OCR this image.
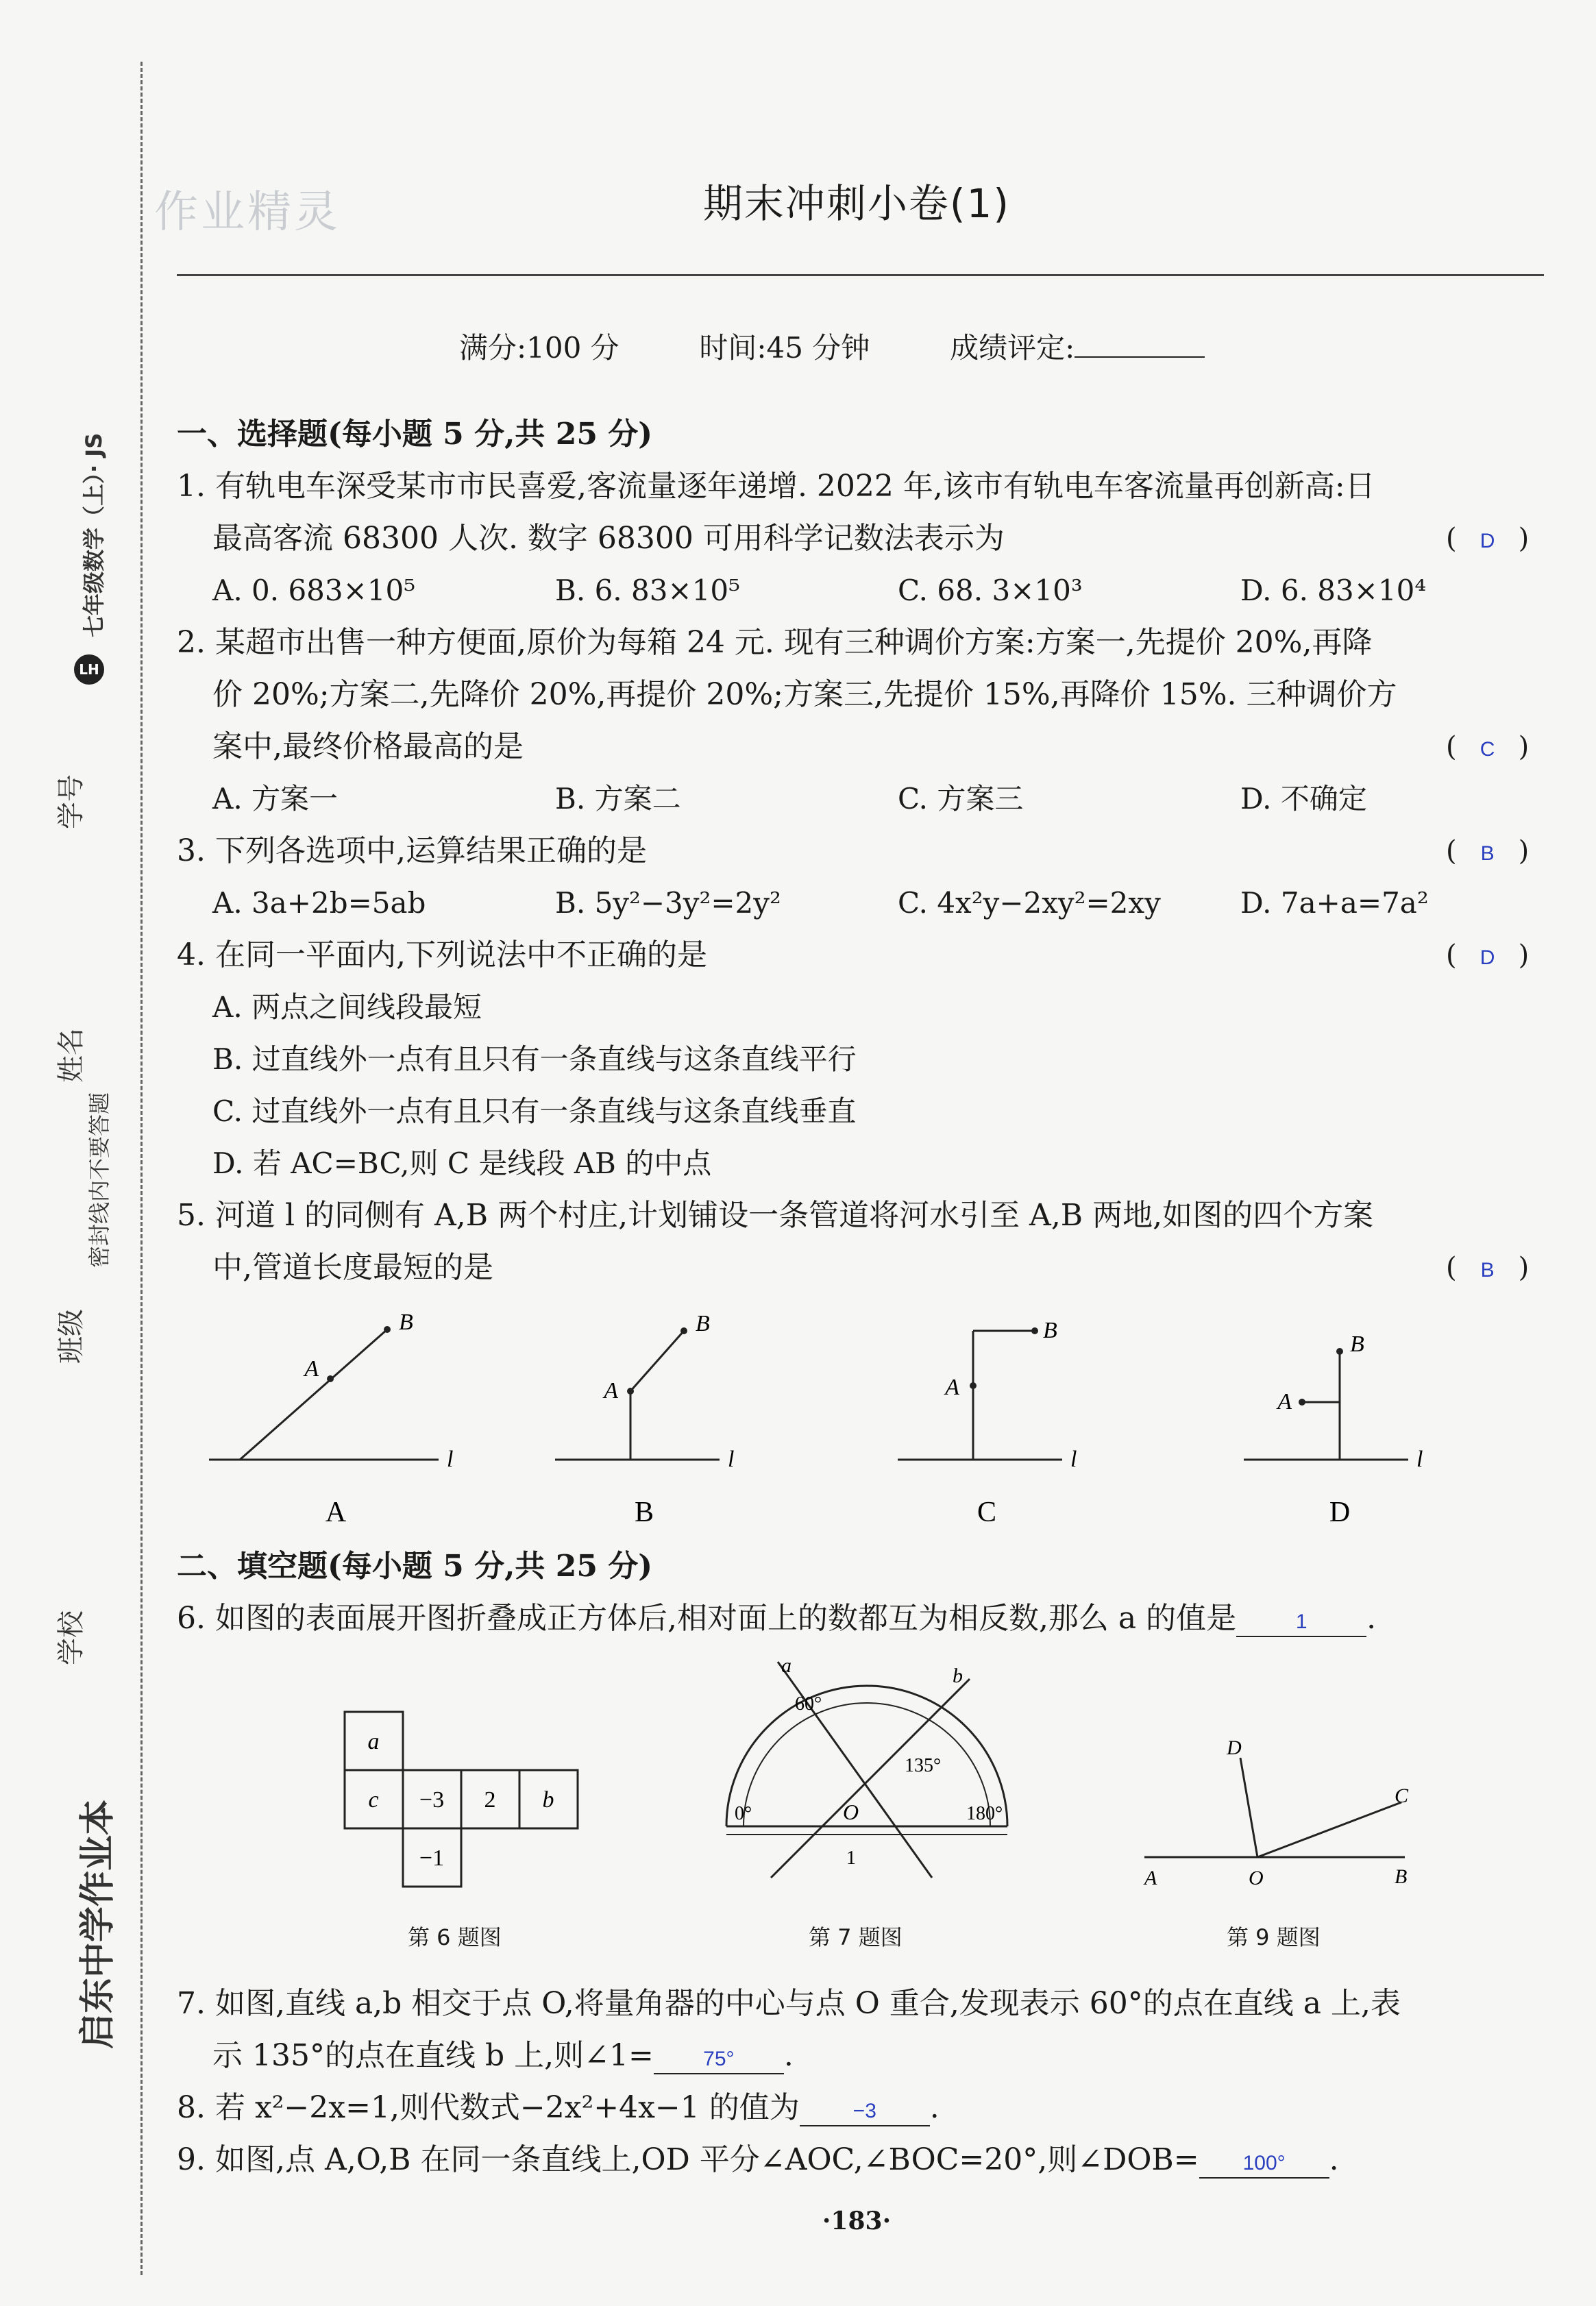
启东中学作业本
学校
班级
密封线内不要答题
姓名
学号
LH
七年级数学（上）· JS
作业精灵	期末冲刺小卷(1)
满分:100 分	时间:45 分钟	成绩评定:
一、选择题(每小题 5 分,共 25 分)
1. 有轨电车深受某市市民喜爱,客流量逐年递增. 2022 年,该市有轨电车客流量再创新高:日
最高客流 68300 人次. 数字 68300 可用科学记数法表示为	( D )
A. 0. 683×10⁵	B. 6. 83×10⁵	C. 68. 3×10³	D. 6. 83×10⁴
2. 某超市出售一种方便面,原价为每箱 24 元. 现有三种调价方案:方案一,先提价 20%,再降
价 20%;方案二,先降价 20%,再提价 20%;方案三,先提价 15%,再降价 15%. 三种调价方
案中,最终价格最高的是	( C )
A. 方案一	B. 方案二	C. 方案三	D. 不确定
3. 下列各选项中,运算结果正确的是	( B )
A. 3a+2b=5ab	B. 5y²−3y²=2y²	C. 4x²y−2xy²=2xy	D. 7a+a=7a²
4. 在同一平面内,下列说法中不正确的是	( D )
A. 两点之间线段最短
B. 过直线外一点有且只有一条直线与这条直线平行
C. 过直线外一点有且只有一条直线与这条直线垂直
D. 若 AC=BC,则 C 是线段 AB 的中点
5. 河道 l 的同侧有 A,B 两个村庄,计划铺设一条管道将河水引至 A,B 两地,如图的四个方案
中,管道长度最短的是	( B )
A
B
l
A
A
B
l
B
A
B
l
C
A
B
l
D
二、填空题(每小题 5 分,共 25 分)
6. 如图的表面展开图折叠成正方体后,相对面上的数都互为相反数,那么 a 的值是	1 .
a
c −3 2 b
−1
第 6 题图
a	b
60°
135°
0°	180°
O
1
第 7 题图
A	O	B
C
D
第 9 题图
7. 如图,直线 a,b 相交于点 O,将量角器的中心与点 O 重合,发现表示 60°的点在直线 a 上,表
示 135°的点在直线 b 上,则∠1= 75° .
8. 若 x²−2x=1,则代数式−2x²+4x−1 的值为	−3 .
9. 如图,点 A,O,B 在同一条直线上,OD 平分∠AOC,∠BOC=20°,则∠DOB= 100° .
·183·
